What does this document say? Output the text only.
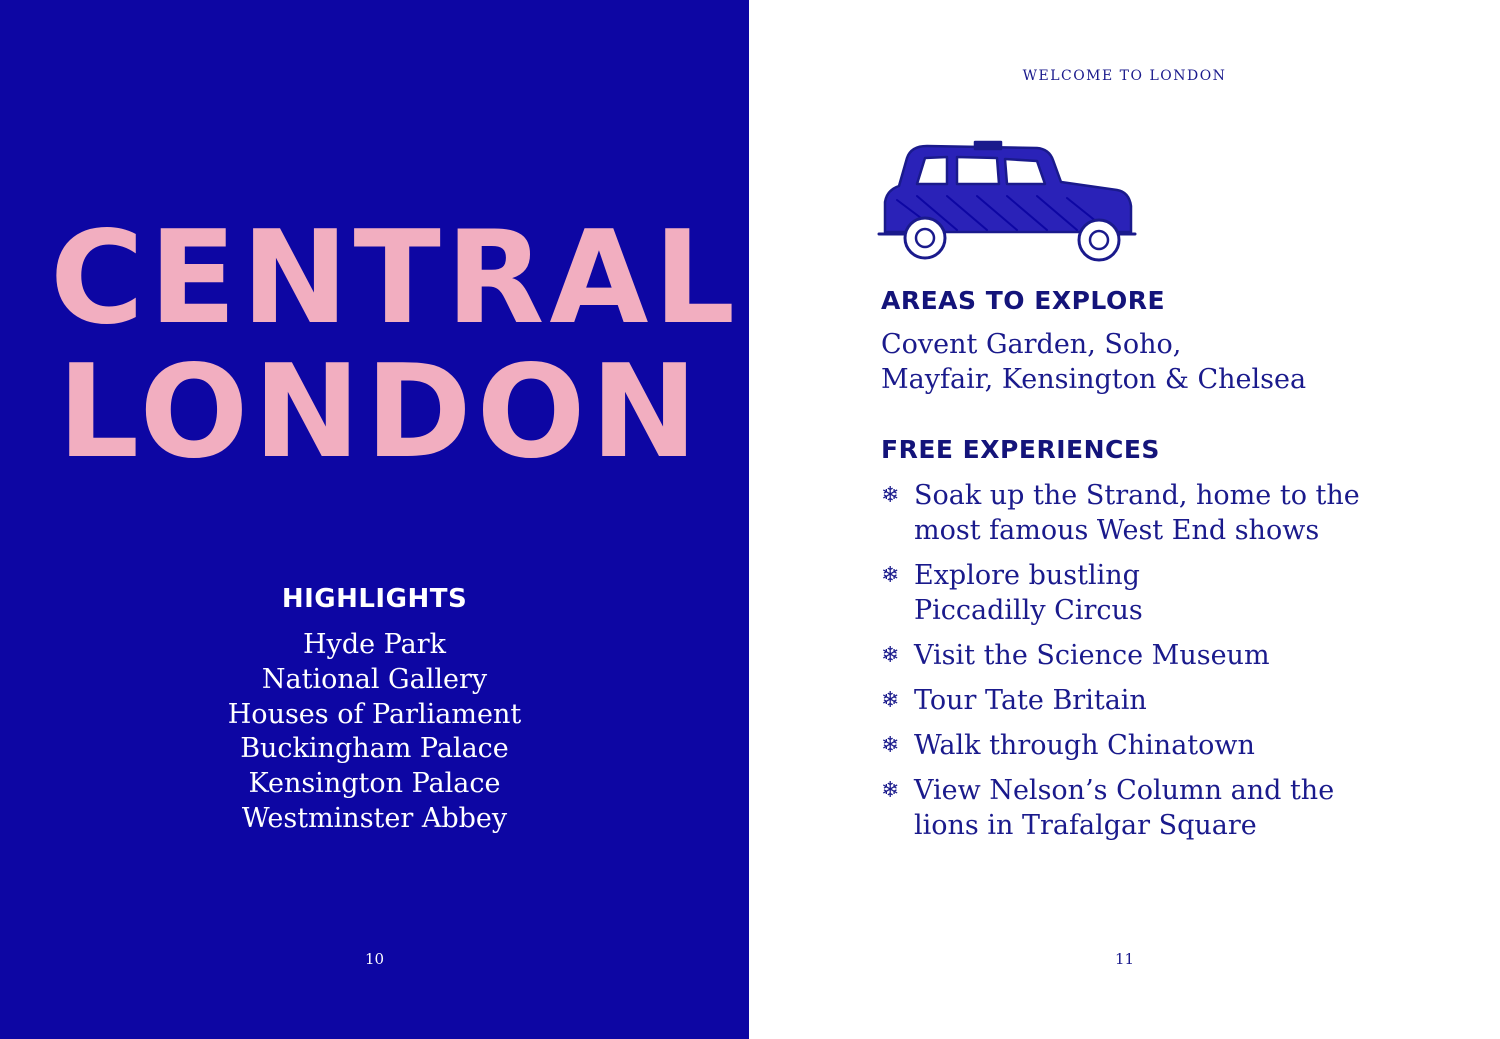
CENTRAL
LONDON
HIGHLIGHTS
Hyde Park
National Gallery
Houses of Parliament
Buckingham Palace
Kensington Palace
Westminster Abbey
10
WELCOME TO LONDON
AREAS TO EXPLORE

Covent Garden, Soho,
Mayfair, Kensington & Chelsea

FREE EXPERIENCES
❄ Soak up the Strand, home to the
most famous West End shows
❄ Explore bustling
Piccadilly Circus
❄ Visit the Science Museum
❄ Tour Tate Britain
❄ Walk through Chinatown
❄ View Nelson’s Column and the
lions in Trafalgar Square
11
